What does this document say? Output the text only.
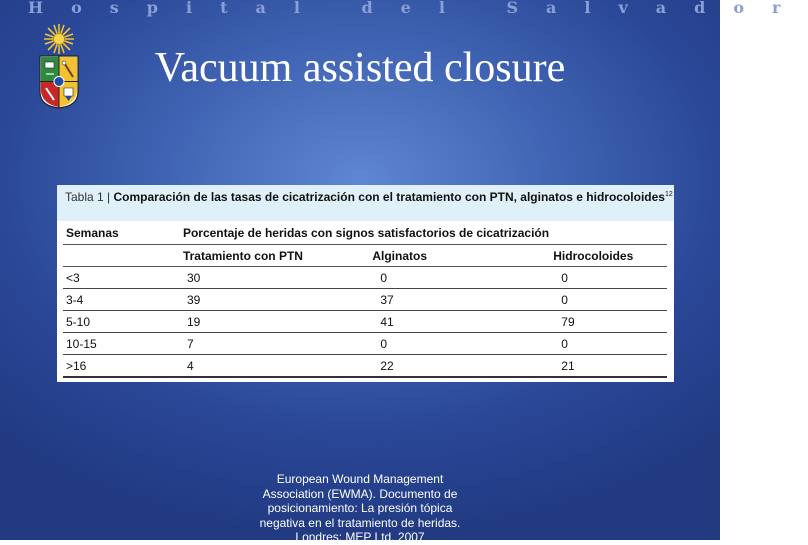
Hospital del Salvador
Vacuum assisted closure
Tabla 1 | Comparación de las tasas de cicatrización con el tratamiento con PTN, alginatos e hidrocoloides$^{12}$
Semanas	Porcentaje de heridas con signos satisfactorios de cicatrización		
	Tratamiento con PTN	Alginatos	Hidrocoloides
<3	30	0	0
3-4	39	37	0
5-10	19	41	79
10-15	7	0	0
>16	4	22	21
European Wound Management
Association (EWMA). Documento de
posicionamiento: La presión tópica
negativa en el tratamiento de heridas.
Londres: MEP Ltd, 2007
